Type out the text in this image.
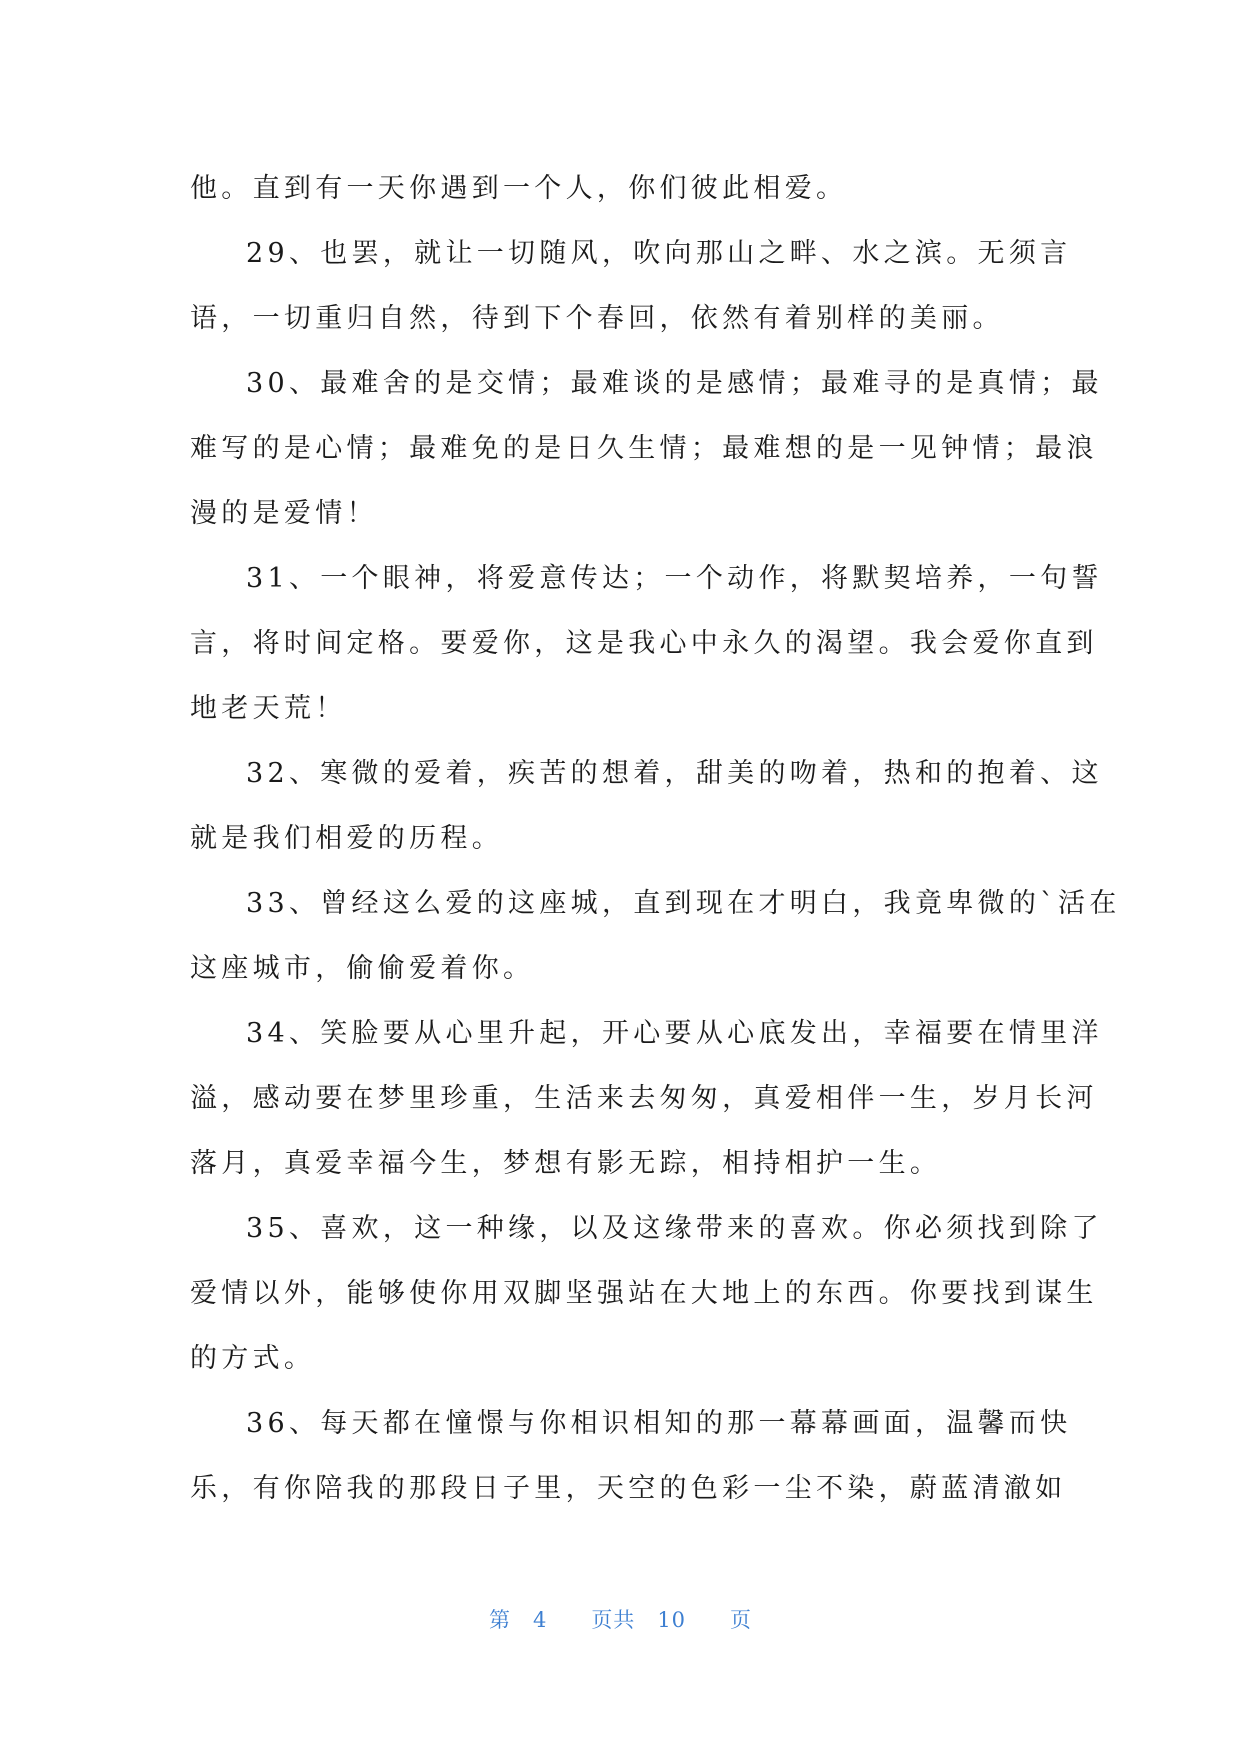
他。直到有一天你遇到一个人，你们彼此相爱。
29、也罢，就让一切随风，吹向那山之畔、水之滨。无须言
语，一切重归自然，待到下个春回，依然有着别样的美丽。
30、最难舍的是交情；最难谈的是感情；最难寻的是真情；最
难写的是心情；最难免的是日久生情；最难想的是一见钟情；最浪
漫的是爱情！
31、一个眼神，将爱意传达；一个动作，将默契培养，一句誓
言，将时间定格。要爱你，这是我心中永久的渴望。我会爱你直到
地老天荒！
32、寒微的爱着，疾苦的想着，甜美的吻着，热和的抱着、这
就是我们相爱的历程。
33、曾经这么爱的这座城，直到现在才明白，我竟卑微的`活在
这座城市，偷偷爱着你。
34、笑脸要从心里升起，开心要从心底发出，幸福要在情里洋
溢，感动要在梦里珍重，生活来去匆匆，真爱相伴一生，岁月长河
落月，真爱幸福今生，梦想有影无踪，相持相护一生。
35、喜欢，这一种缘，以及这缘带来的喜欢。你必须找到除了
爱情以外，能够使你用双脚坚强站在大地上的东西。你要找到谋生
的方式。
36、每天都在憧憬与你相识相知的那一幕幕画面，温馨而快
乐，有你陪我的那段日子里，天空的色彩一尘不染，蔚蓝清澈如
第 4 页共 10 页
